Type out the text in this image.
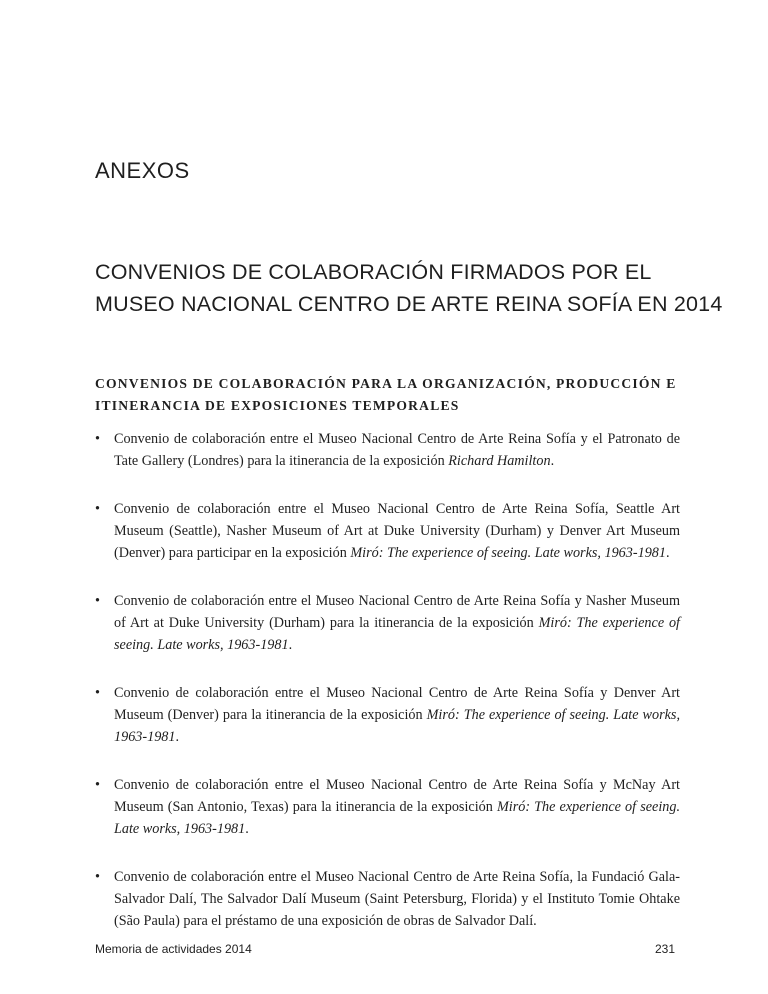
ANEXOS
CONVENIOS DE COLABORACIÓN FIRMADOS POR EL
MUSEO NACIONAL CENTRO DE ARTE REINA SOFÍA EN 2014
CONVENIOS DE COLABORACIÓN PARA LA ORGANIZACIÓN, PRODUCCIÓN E
ITINERANCIA DE EXPOSICIONES TEMPORALES
• Convenio de colaboración entre el Museo Nacional Centro de Arte Reina Sofía y el Patronato de Tate Gallery (Londres) para la itinerancia de la exposición Richard Hamilton.
• Convenio de colaboración entre el Museo Nacional Centro de Arte Reina Sofía, Seattle Art Museum (Seattle), Nasher Museum of Art at Duke University (Durham) y Denver Art Museum (Denver) para participar en la exposición Miró: The experience of seeing. Late works, 1963-1981.
• Convenio de colaboración entre el Museo Nacional Centro de Arte Reina Sofía y Nasher Museum of Art at Duke University (Durham) para la itinerancia de la exposición Miró: The experience of seeing. Late works, 1963-1981.
• Convenio de colaboración entre el Museo Nacional Centro de Arte Reina Sofía y Denver Art Museum (Denver) para la itinerancia de la exposición Miró: The experience of seeing. Late works, 1963-1981.
• Convenio de colaboración entre el Museo Nacional Centro de Arte Reina Sofía y McNay Art Museum (San Antonio, Texas) para la itinerancia de la exposición Miró: The experience of seeing. Late works, 1963-1981.
• Convenio de colaboración entre el Museo Nacional Centro de Arte Reina Sofía, la Fundació Gala-Salvador Dalí, The Salvador Dalí Museum (Saint Petersburg, Florida) y el Instituto Tomie Ohtake (São Paula) para el préstamo de una exposición de obras de Salvador Dalí.
Memoria de actividades 2014	231
